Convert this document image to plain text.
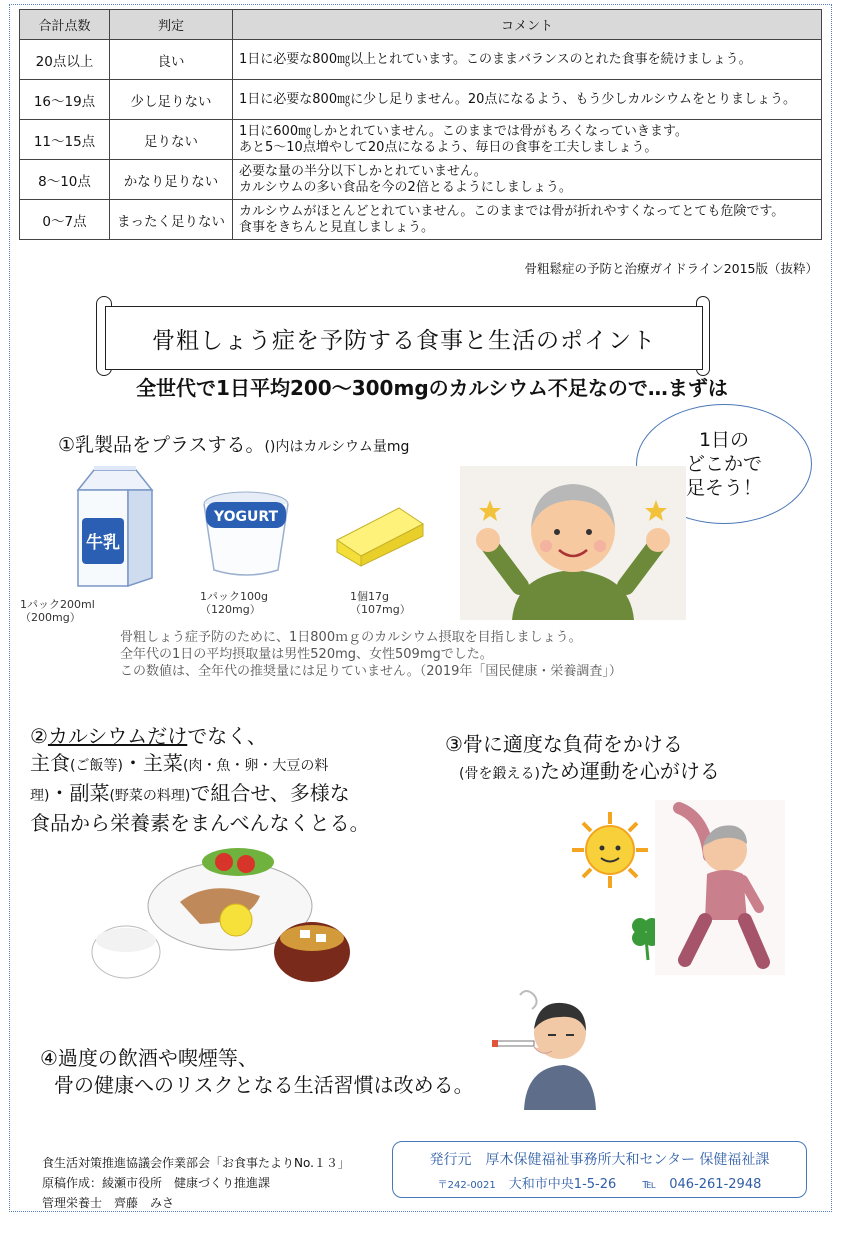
合計点数	判定	コメント
20点以上	良い	1日に必要な800㎎以上とれています。このままバランスのとれた食事を続けましょう。

16～19点	少し足りない	1日に必要な800㎎に少し足りません。20点になるよう、もう少しカルシウムをとりましょう。

11～15点	足りない	1日に600㎎しかとれていません。このままでは骨がもろくなっていきます。
あと5～10点増やして20点になるよう、毎日の食事を工夫しましょう。

8～10点	かなり足りない	必要な量の半分以下しかとれていません。
カルシウムの多い食品を今の2倍とるようにしましょう。

0～7点	まったく足りない	カルシウムがほとんどとれていません。このままでは骨が折れやすくなってとても危険です。
食事をきちんと見直しましょう。
骨粗鬆症の予防と治療ガイドライン2015版（抜粋）
骨粗しょう症を予防する食事と生活のポイント
全世代で1日平均200～300mgのカルシウム不足なので…まずは
①乳製品をプラスする。()内はカルシウム量mg	1日の
どこかで
足そう！
牛乳
1パック200ml
（200mg）
YOGURT
1パック100g
（120mg）
1個17g
（107mg）
骨粗しょう症予防のために、1日800ｍｇのカルシウム摂取を目指しましょう。
全年代の1日の平均摂取量は男性520mg、女性509mgでした。
この数値は、全年代の推奨量には足りていません。（2019年「国民健康・栄養調査」）
②カルシウムだけでなく、
主食(ご飯等)・主菜(肉・魚・卵・大豆の料
理)・副菜(野菜の料理)で組合せ、多様な
食品から栄養素をまんべんなくとる。
③骨に適度な負荷をかける
(骨を鍛える)ため運動を心がける
④過度の飲酒や喫煙等、
骨の健康へのリスクとなる生活習慣は改める。
食生活対策推進協議会作業部会「お食事たよりNo.１３」
原稿作成：綾瀬市役所　健康づくり推進課
管理栄養士　齊藤　みさ
発行元　厚木保健福祉事務所大和センター 保健福祉課
〒242-0021　 大和市中央1-5-26　　 ℡　 046-261-2948
